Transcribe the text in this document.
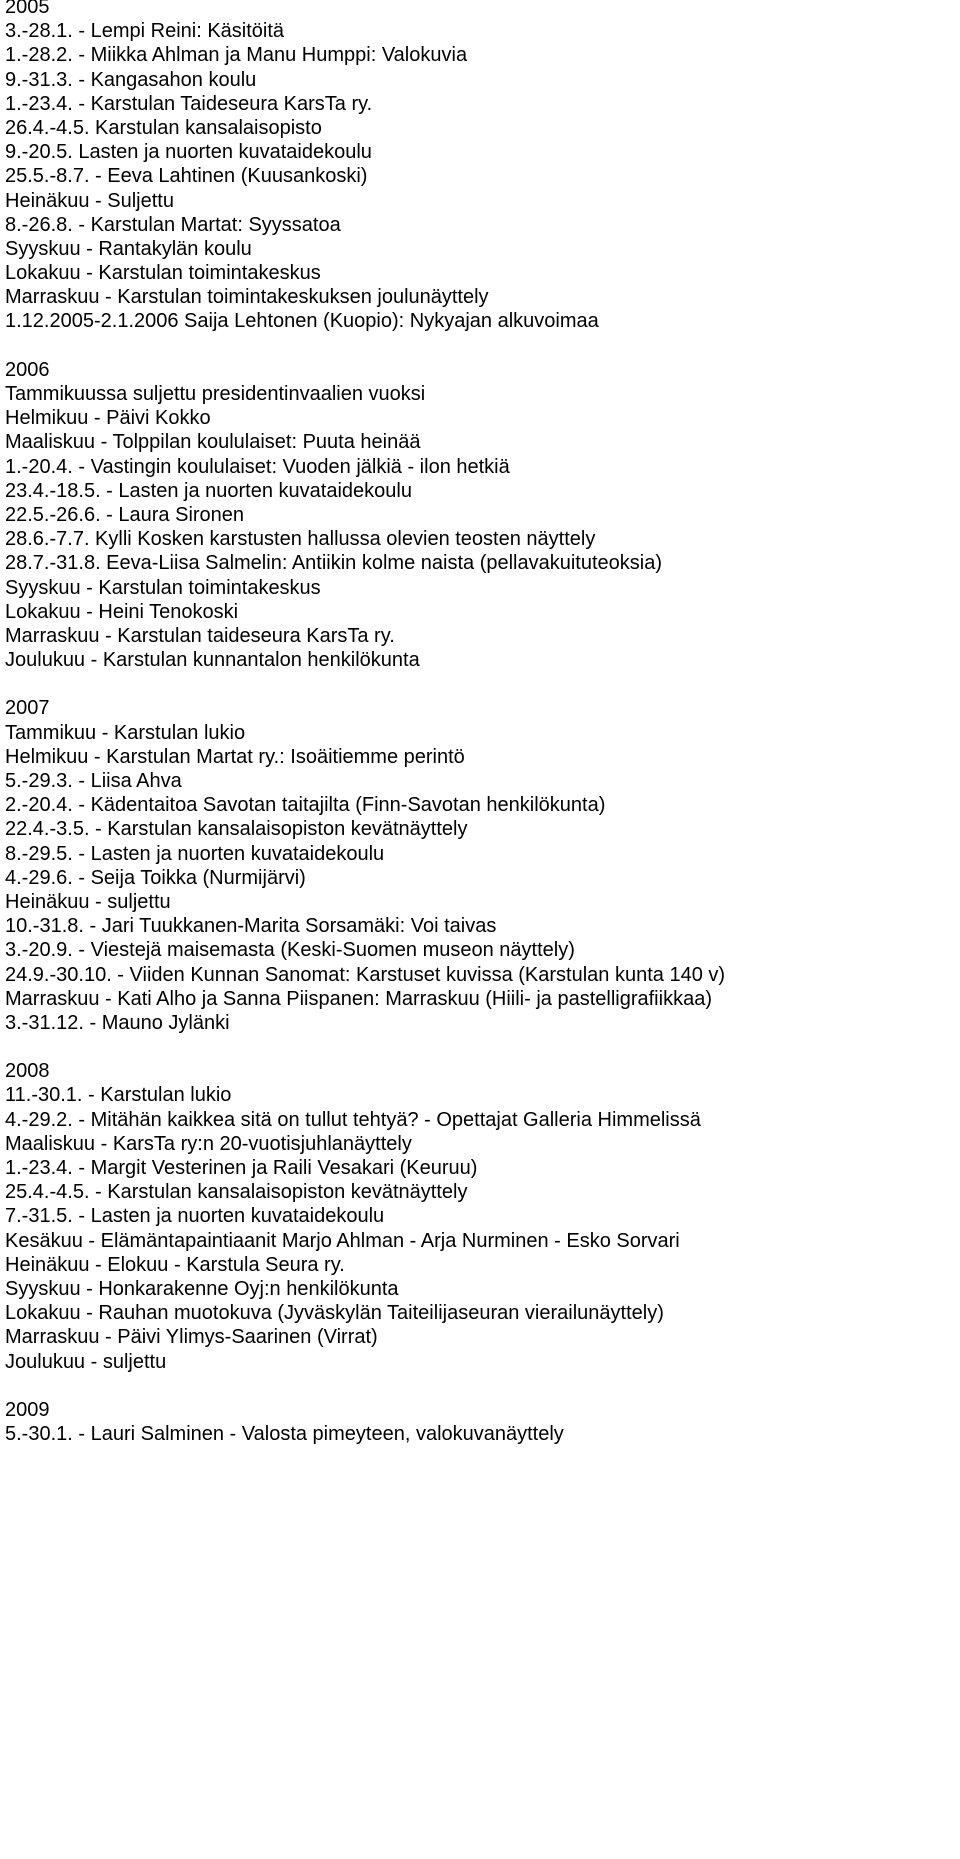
2005
3.-28.1. - Lempi Reini: Käsitöitä
1.-28.2. - Miikka Ahlman ja Manu Humppi: Valokuvia
9.-31.3. - Kangasahon koulu
1.-23.4. - Karstulan Taideseura KarsTa ry.
26.4.-4.5. Karstulan kansalaisopisto
9.-20.5. Lasten ja nuorten kuvataidekoulu
25.5.-8.7. - Eeva Lahtinen (Kuusankoski)
Heinäkuu - Suljettu
8.-26.8. - Karstulan Martat: Syyssatoa
Syyskuu - Rantakylän koulu
Lokakuu - Karstulan toimintakeskus
Marraskuu - Karstulan toimintakeskuksen joulunäyttely
1.12.2005-2.1.2006 Saija Lehtonen (Kuopio): Nykyajan alkuvoimaa
2006
Tammikuussa suljettu presidentinvaalien vuoksi
Helmikuu - Päivi Kokko
Maaliskuu - Tolppilan koululaiset: Puuta heinää
1.-20.4. - Vastingin koululaiset: Vuoden jälkiä - ilon hetkiä
23.4.-18.5. - Lasten ja nuorten kuvataidekoulu
22.5.-26.6. - Laura Sironen
28.6.-7.7. Kylli Kosken karstusten hallussa olevien teosten näyttely
28.7.-31.8. Eeva-Liisa Salmelin: Antiikin kolme naista (pellavakuituteoksia)
Syyskuu - Karstulan toimintakeskus
Lokakuu - Heini Tenokoski
Marraskuu - Karstulan taideseura KarsTa ry.
Joulukuu - Karstulan kunnantalon henkilökunta
2007
Tammikuu - Karstulan lukio
Helmikuu - Karstulan Martat ry.: Isoäitiemme perintö
5.-29.3. - Liisa Ahva
2.-20.4. - Kädentaitoa Savotan taitajilta (Finn-Savotan henkilökunta)
22.4.-3.5. - Karstulan kansalaisopiston kevätnäyttely
8.-29.5. - Lasten ja nuorten kuvataidekoulu
4.-29.6. - Seija Toikka (Nurmijärvi)
Heinäkuu - suljettu
10.-31.8. - Jari Tuukkanen-Marita Sorsamäki: Voi taivas
3.-20.9. - Viestejä maisemasta (Keski-Suomen museon näyttely)
24.9.-30.10. - Viiden Kunnan Sanomat: Karstuset kuvissa (Karstulan kunta 140 v)
Marraskuu - Kati Alho ja Sanna Piispanen: Marraskuu (Hiili- ja pastelligrafiikkaa)
3.-31.12. - Mauno Jylänki
2008
11.-30.1. - Karstulan lukio
4.-29.2. - Mitähän kaikkea sitä on tullut tehtyä? - Opettajat Galleria Himmelissä
Maaliskuu - KarsTa ry:n 20-vuotisjuhlanäyttely
1.-23.4. - Margit Vesterinen ja Raili Vesakari (Keuruu)
25.4.-4.5. - Karstulan kansalaisopiston kevätnäyttely
7.-31.5. - Lasten ja nuorten kuvataidekoulu
Kesäkuu - Elämäntapaintiaanit Marjo Ahlman - Arja Nurminen - Esko Sorvari
Heinäkuu - Elokuu - Karstula Seura ry.
Syyskuu - Honkarakenne Oyj:n henkilökunta
Lokakuu - Rauhan muotokuva (Jyväskylän Taiteilijaseuran vierailunäyttely)
Marraskuu - Päivi Ylimys-Saarinen (Virrat)
Joulukuu - suljettu
2009
5.-30.1. - Lauri Salminen - Valosta pimeyteen, valokuvanäyttely
